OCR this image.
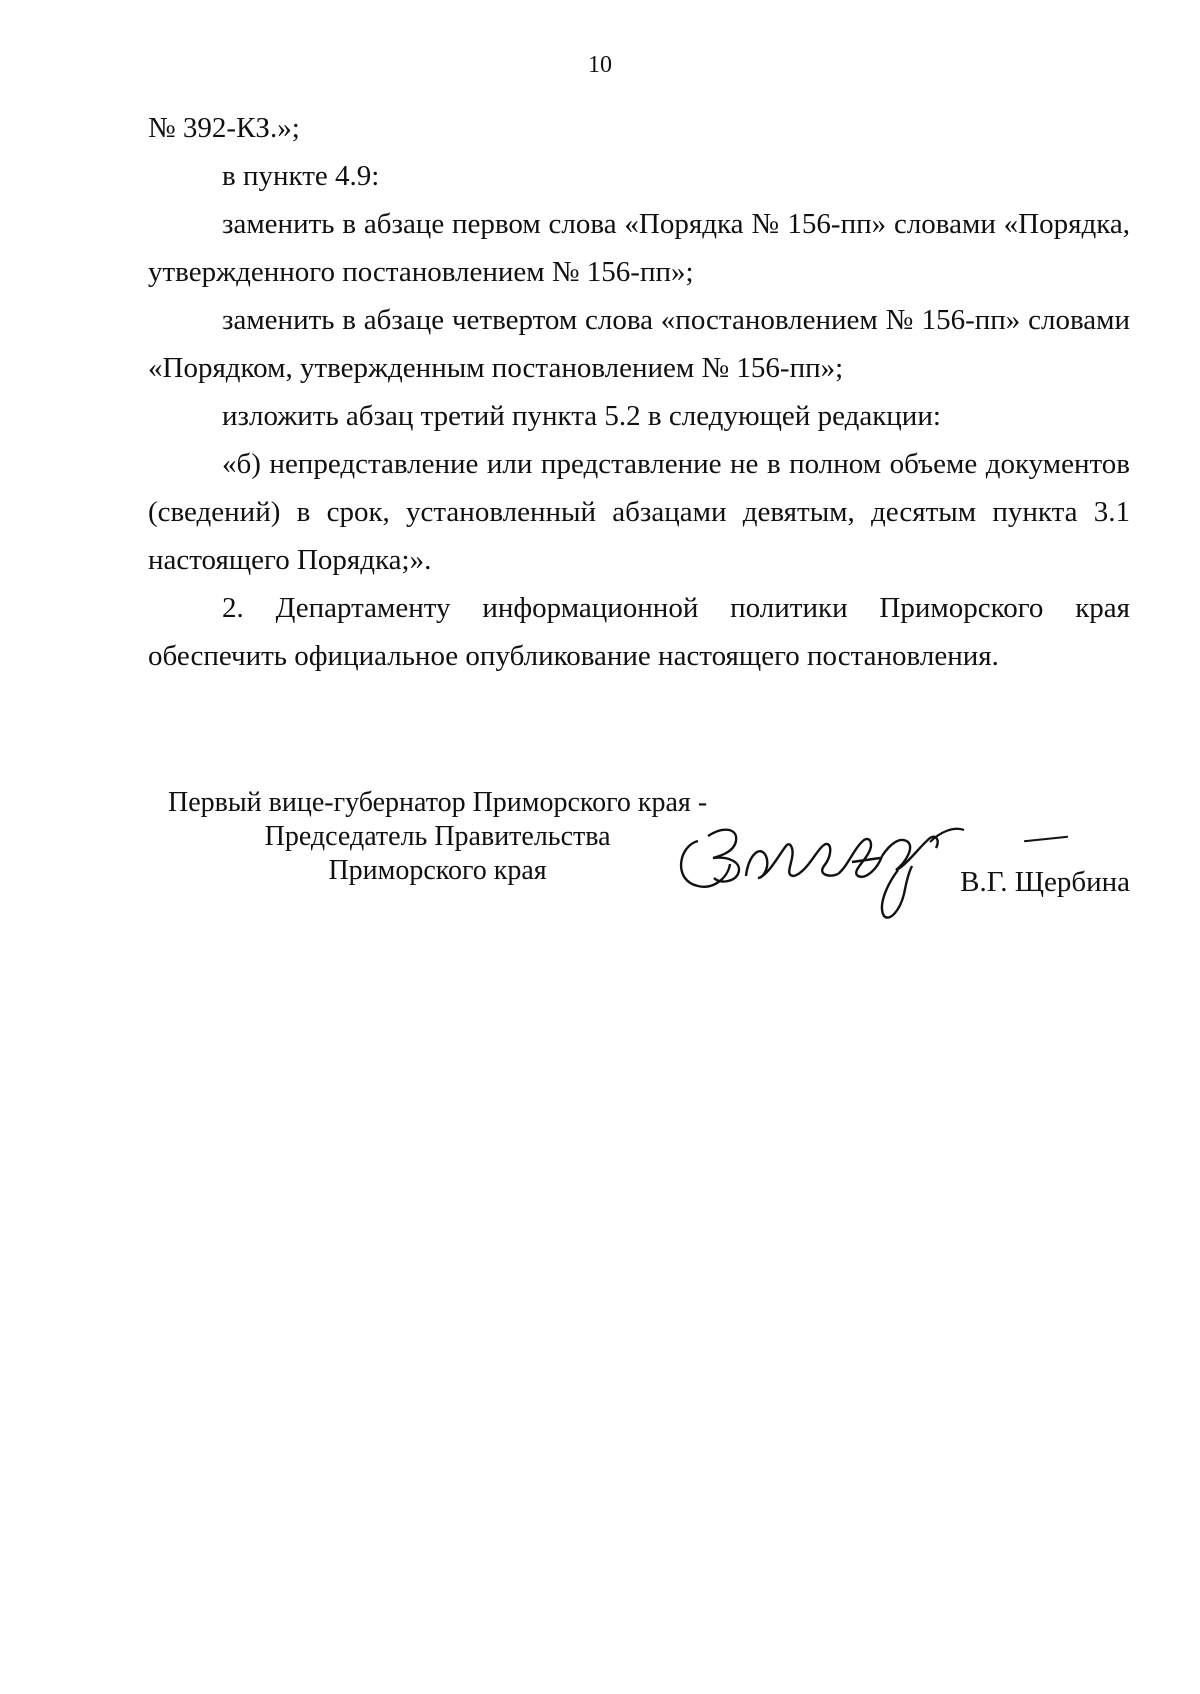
10

№ 392-КЗ.»;

в пункте 4.9:

заменить в абзаце первом слова «Порядка № 156-пп» словами «Порядка, утвержденного постановлением № 156-пп»;

заменить в абзаце четвертом слова «постановлением № 156-пп» словами «Порядком, утвержденным постановлением № 156-пп»;

изложить абзац третий пункта 5.2 в следующей редакции:

«б) непредставление или представление не в полном объеме документов (сведений) в срок, установленный абзацами девятым, десятым пункта 3.1 настоящего Порядка;».

2. Департаменту информационной политики Приморского края обеспечить официальное опубликование настоящего постановления.

Первый вице-губернатор Приморского края -
Председатель Правительства
Приморского края	В.Г. Щербина
